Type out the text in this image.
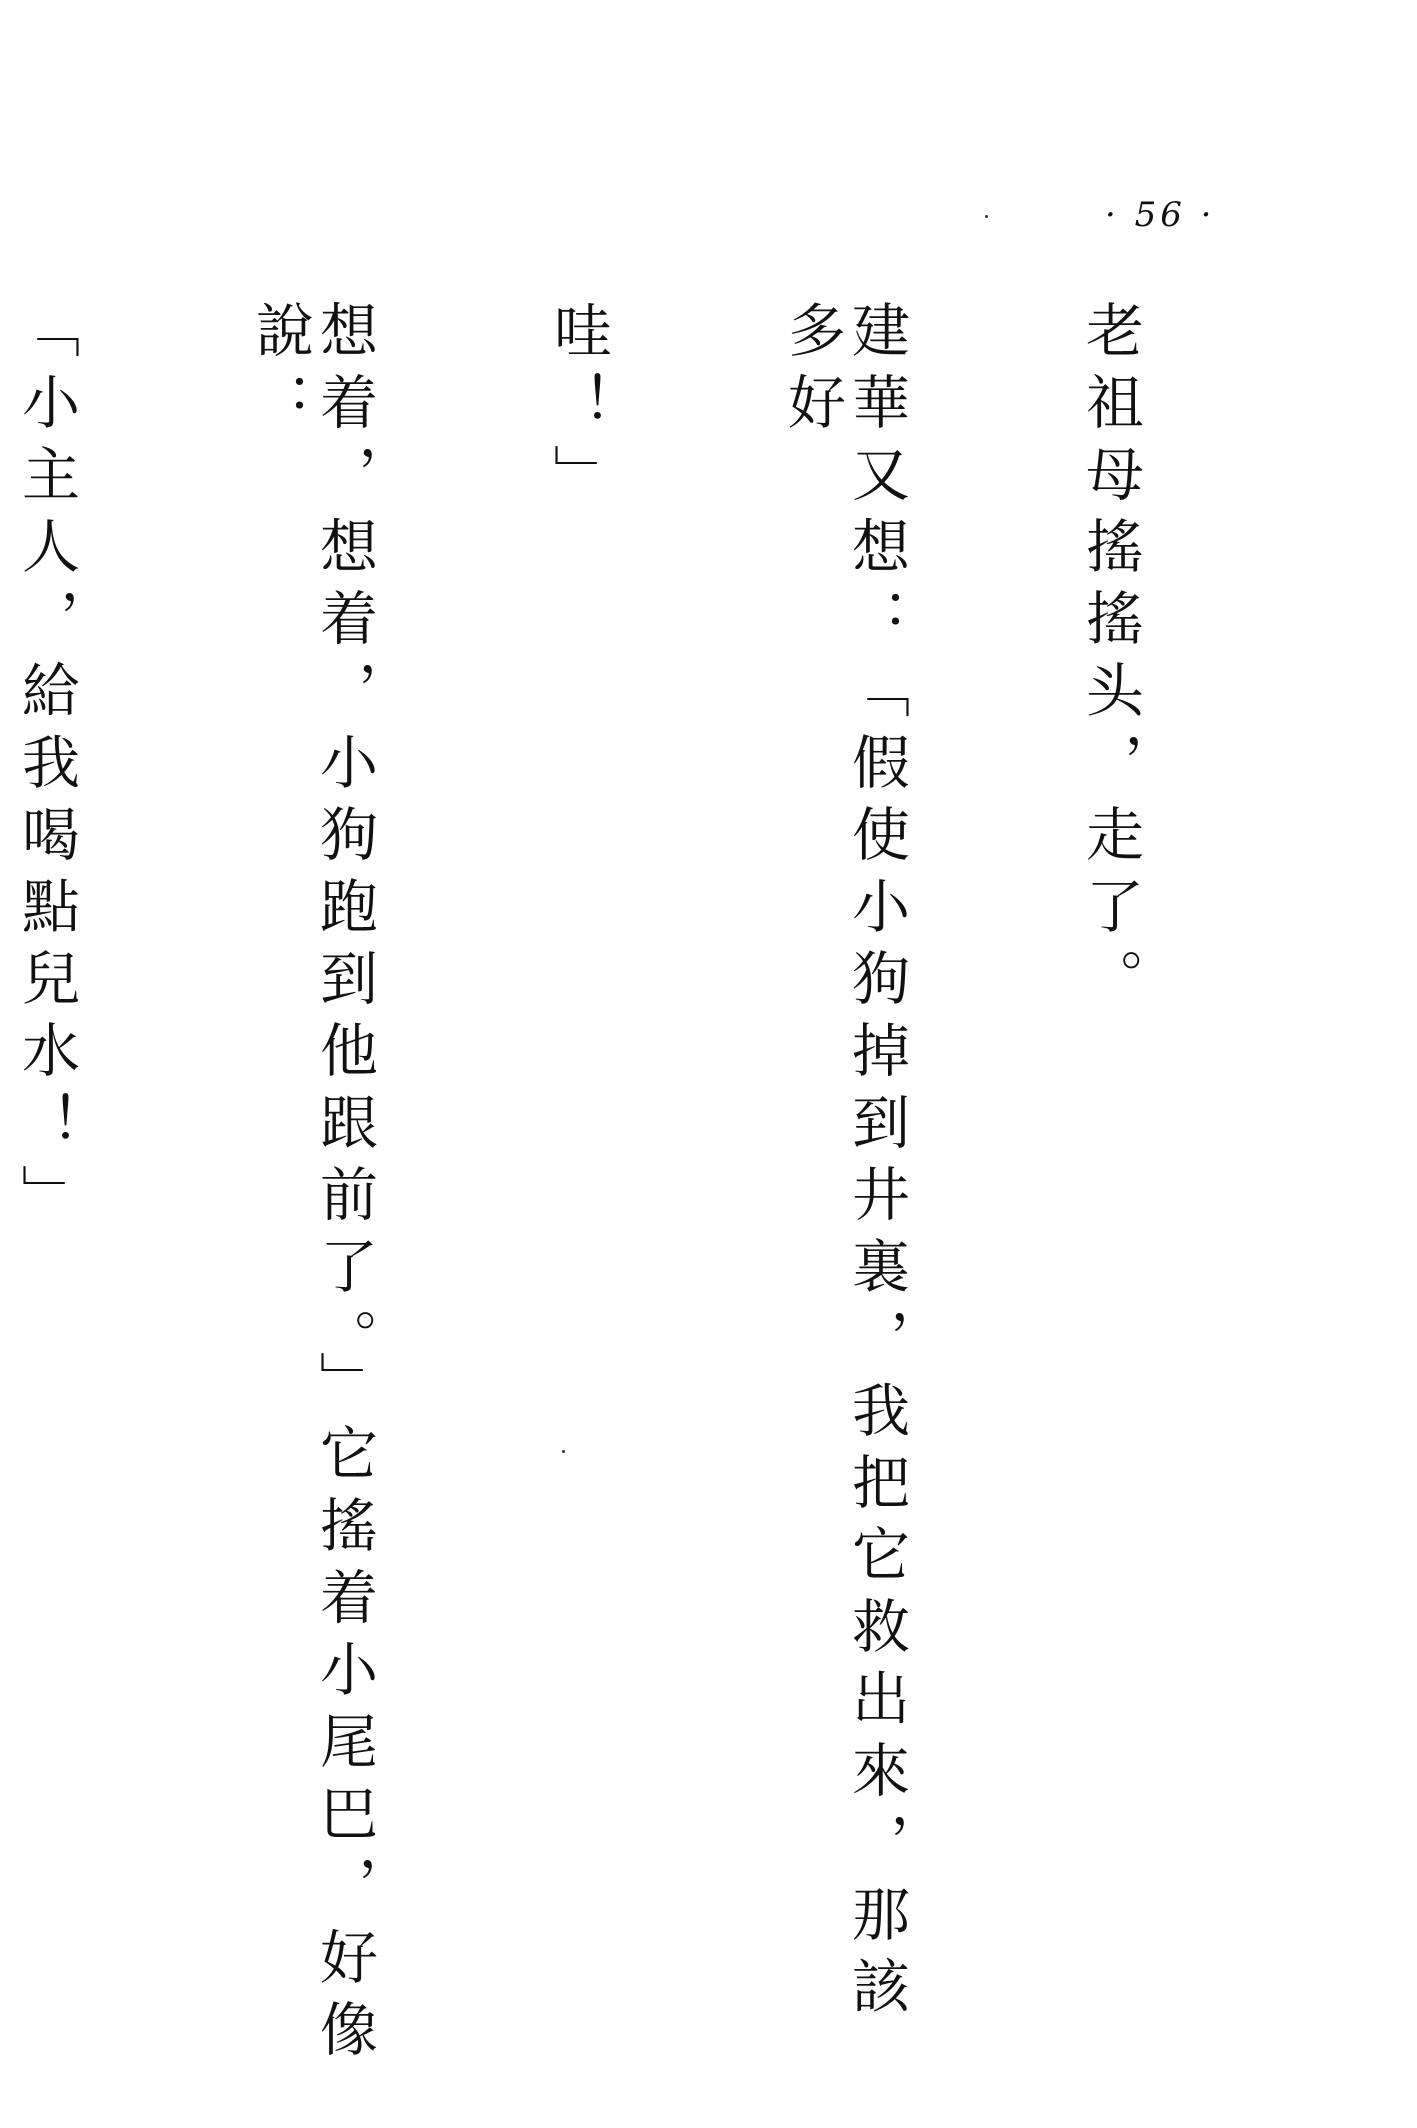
· 56 ·

老祖母搖搖头，走了。

建華又想：「假使小狗掉到井裏，我把它救出來，那該多好

哇！」

想着，想着，小狗跑到他跟前了。」它搖着小尾巴，好像說：

「小主人，給我喝點兒水！」
